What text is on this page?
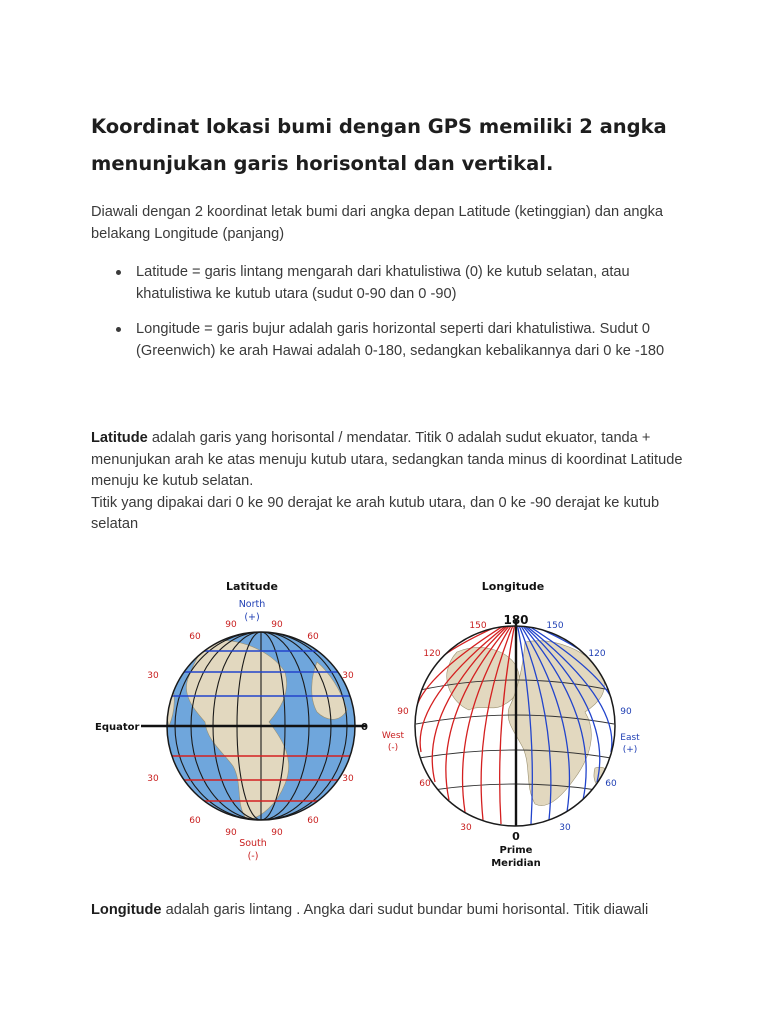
Koordinat lokasi bumi dengan GPS memiliki 2 angka menunjukan garis horisontal dan vertikal.

Diawali dengan 2 koordinat letak bumi dari angka depan Latitude (ketinggian) dan angka belakang Longitude (panjang)

Latitude = garis lintang mengarah dari khatulistiwa (0) ke kutub selatan, atau khatulistiwa ke kutub utara (sudut 0-90 dan 0 -90)
Longitude = garis bujur adalah garis horizontal seperti dari khatulistiwa. Sudut 0 (Greenwich) ke arah Hawai adalah 0-180, sedangkan kebalikannya dari 0 ke -180

Latitude adalah garis yang horisontal / mendatar. Titik 0 adalah sudut ekuator, tanda + menunjukan arah ke atas menuju kutub utara, sedangkan tanda minus di koordinat Latitude menuju ke kutub selatan.
Titik yang dipakai dari 0 ke 90 derajat ke arah kutub utara, dan 0 ke -90 derajat ke kutub selatan

Latitude
North
(+)
90	90
60	60
30	30
Equator	0
30	30
60	60
90	90
South
(-)
Longitude
180
150	150
120	120
90	90
West
(-)
East
(+)
60	60
30	30
0
Prime
Meridian

Longitude adalah garis lintang . Angka dari sudut bundar bumi horisontal. Titik diawali
